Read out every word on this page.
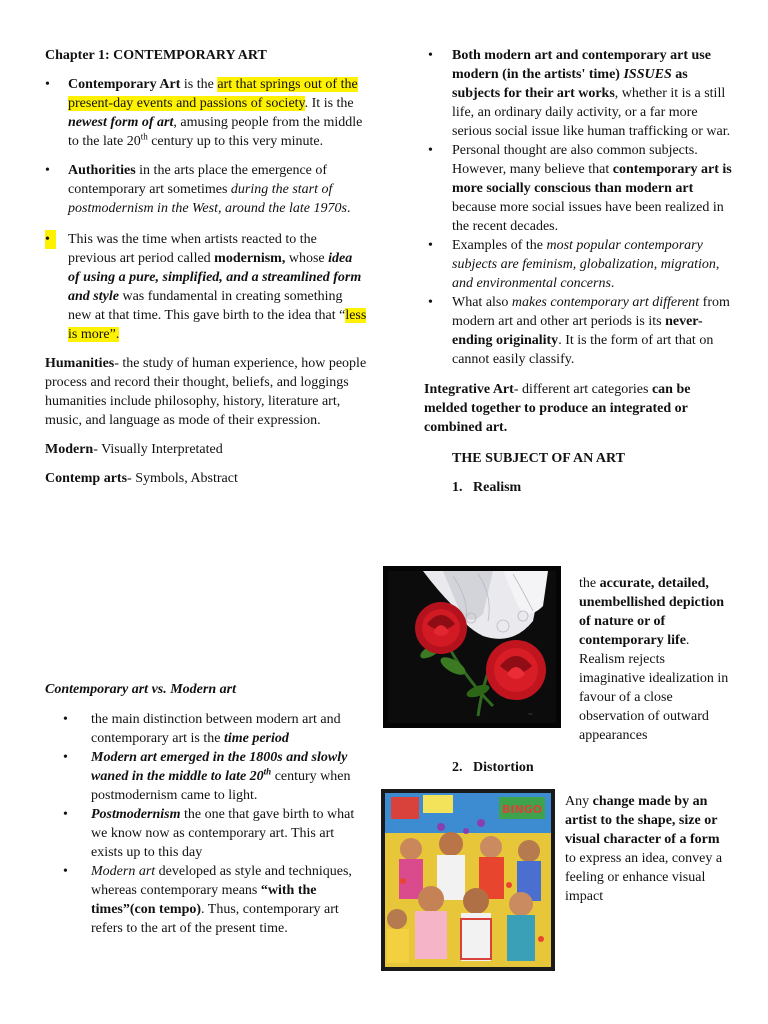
Chapter 1: CONTEMPORARY ART

• Contemporary Art is the art that springs out of the present-day events and passions of society. It is the newest form of art, amusing people from the middle to the late 20th century up to this very minute.
• Authorities in the arts place the emergence of contemporary art sometimes during the start of postmodernism in the West, around the late 1970s.
•	This was the time when artists reacted to the previous art period called modernism, whose idea of using a pure, simplified, and a streamlined form and style was fundamental in creating something new at that time. This gave birth to the idea that “less is more”.

Humanities- the study of human experience, how people process and record their thought, beliefs, and loggings humanities include philosophy, history, literature art, music, and language as mode of their expression.

Modern- Visually Interpretated

Contemp arts- Symbols, Abstract

Contemporary art vs. Modern art

• the main distinction between modern art and contemporary art is the time period
• Modern art emerged in the 1800s and slowly waned in the middle to late 20th century when postmodernism came to light.
• Postmodernism the one that gave birth to what we know now as contemporary art. This art exists up to this day
• Modern art developed as style and techniques, whereas contemporary means “with the times”(con tempo). Thus, contemporary art refers to the art of the present time.
• Both modern art and contemporary art use modern (in the artists' time) ISSUES as subjects for their art works, whether it is a still life, an ordinary daily activity, or a far more serious social issue like human trafficking or war.
• Personal thought are also common subjects. However, many believe that contemporary art is more socially conscious than modern art because more social issues have been realized in the recent decades.
• Examples of the most popular contemporary subjects are feminism, globalization, migration, and environmental concerns.
• What also makes contemporary art different from modern art and other art periods is its never-ending originality. It is the form of art that on cannot easily classify.

Integrative Art- different art categories can be melded together to produce an integrated or combined art.

THE SUBJECT OF AN ART

1.   Realism

~
the accurate, detailed, unembellished depiction of nature or of contemporary life. Realism rejects imaginative idealization in favour of a close observation of outward appearances

2.   Distortion

BINGO
Any change made by an artist to the shape, size or visual character of a form to express an idea, convey a feeling or enhance visual impact
